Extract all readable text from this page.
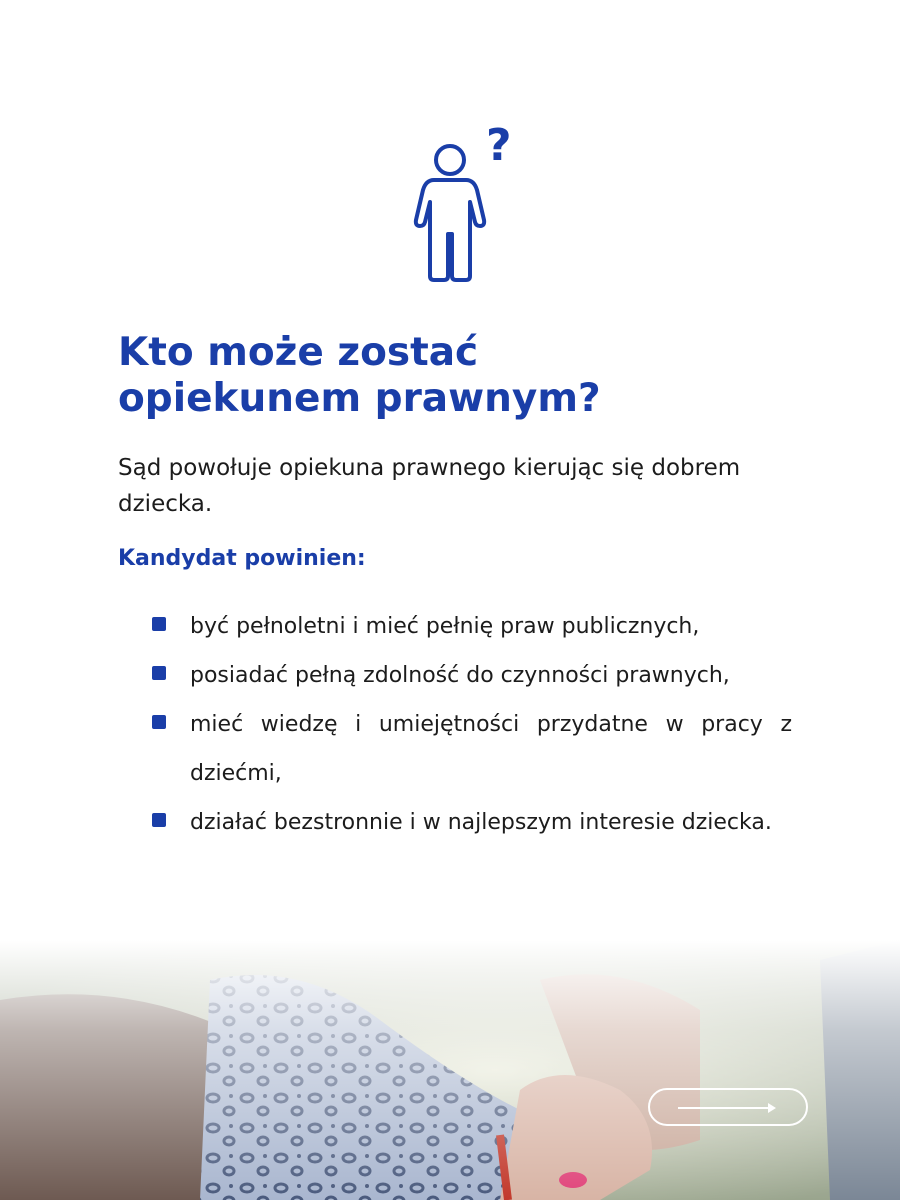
?
Kto może zostać
opiekunem prawnym?

Sąd powołuje opiekuna prawnego kierując się dobrem dziecka.

Kandydat powinien:

być pełnoletni i mieć pełnię praw publicznych,
posiadać pełną zdolność do czynności prawnych,
mieć wiedzę i umiejętności przydatne w pracy z dziećmi,
działać bezstronnie i w najlepszym interesie dziecka.
